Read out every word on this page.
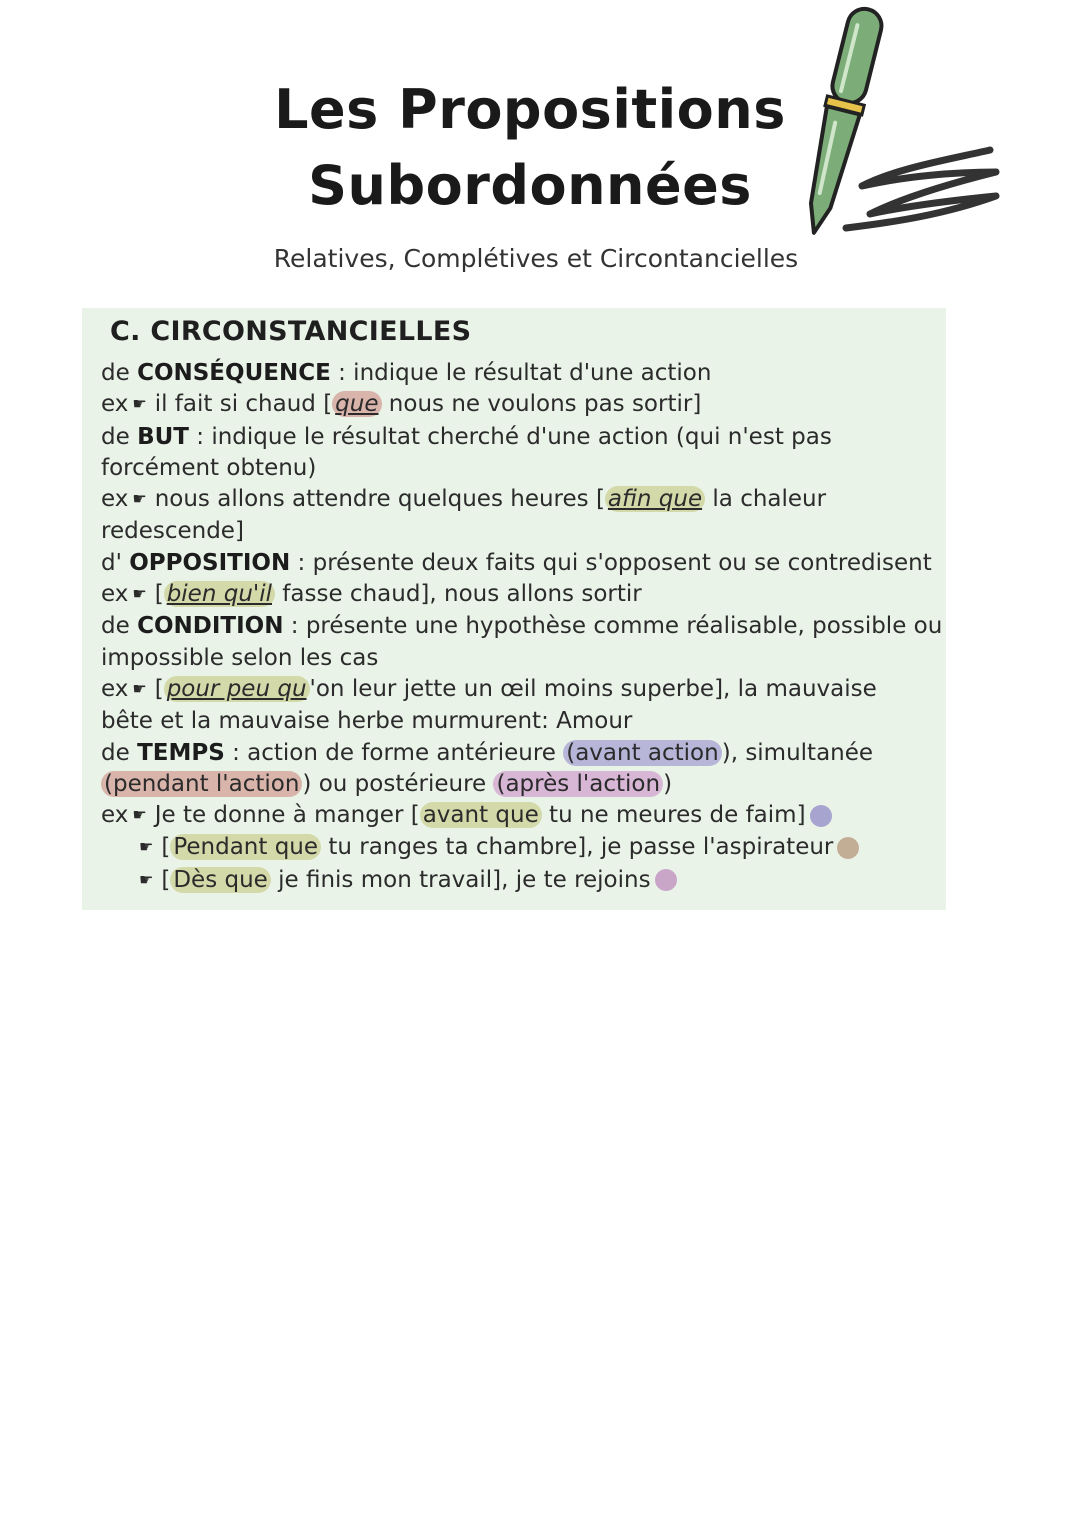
Les Propositions
Subordonnées
Relatives, Complétives et Circontancielles
C. CIRCONSTANCIELLES
de CONSÉQUENCE : indique le résultat d'une action
ex ☛ il fait si chaud [ que nous ne voulons pas sortir]
de BUT : indique le résultat cherché d'une action (qui n'est pas
forcément obtenu)
ex ☛ nous allons attendre quelques heures [ afin que la chaleur
redescende]
d' OPPOSITION : présente deux faits qui s'opposent ou se contredisent
ex ☛ [ bien qu'il fasse chaud], nous allons sortir
de CONDITION : présente une hypothèse comme réalisable, possible ou
impossible selon les cas
ex ☛ [ pour peu qu 'on leur jette un œil moins superbe], la mauvaise
bête et la mauvaise herbe murmurent: Amour
de TEMPS : action de forme antérieure (avant action ), simultanée
(pendant l'action ) ou postérieure (après l'action )
ex ☛ Je te donne à manger [ avant que tu ne meures de faim]
☛ [ Pendant que tu ranges ta chambre], je passe l'aspirateur
☛ [ Dès que je finis mon travail], je te rejoins
